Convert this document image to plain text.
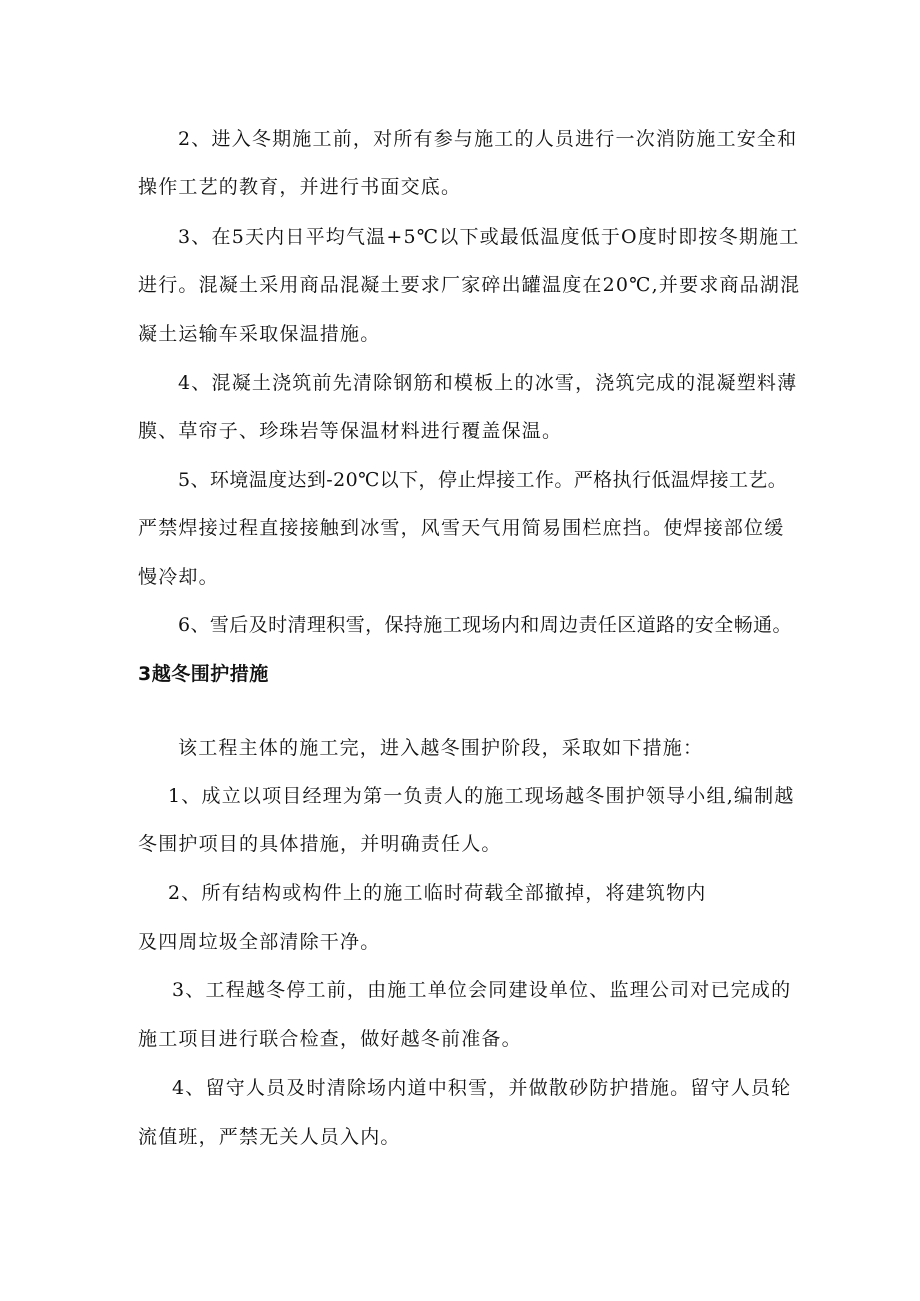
2、进入冬期施工前，对所有参与施工的人员进行一次消防施工安全和
操作工艺的教育，并进行书面交底。
3、在5天内日平均气温+5℃以下或最低温度低于O度时即按冬期施工
进行。混凝土采用商品混凝土要求厂家碎出罐温度在20℃,并要求商品湖混
凝土运输车采取保温措施。
4、混凝土浇筑前先清除钢筋和模板上的冰雪，浇筑完成的混凝塑料薄
膜、草帘子、珍珠岩等保温材料进行覆盖保温。
5、环境温度达到-20℃以下，停止焊接工作。严格执行低温焊接工艺。
严禁焊接过程直接接触到冰雪，风雪天气用简易围栏庶挡。使焊接部位缓
慢冷却。
6、雪后及时清理积雪，保持施工现场内和周边责任区道路的安全畅通。
3越冬围护措施
该工程主体的施工完，进入越冬围护阶段，采取如下措施：
1、成立以项目经理为第一负责人的施工现场越冬围护领导小组,编制越
冬围护项目的具体措施，并明确责任人。
2、所有结构或构件上的施工临时荷载全部撤掉，将建筑物内
及四周垃圾全部清除干净。
3、工程越冬停工前，由施工单位会同建设单位、监理公司对已完成的
施工项目进行联合检查，做好越冬前准备。
4、留守人员及时清除场内道中积雪，并做散砂防护措施。留守人员轮
流值班，严禁无关人员入内。
